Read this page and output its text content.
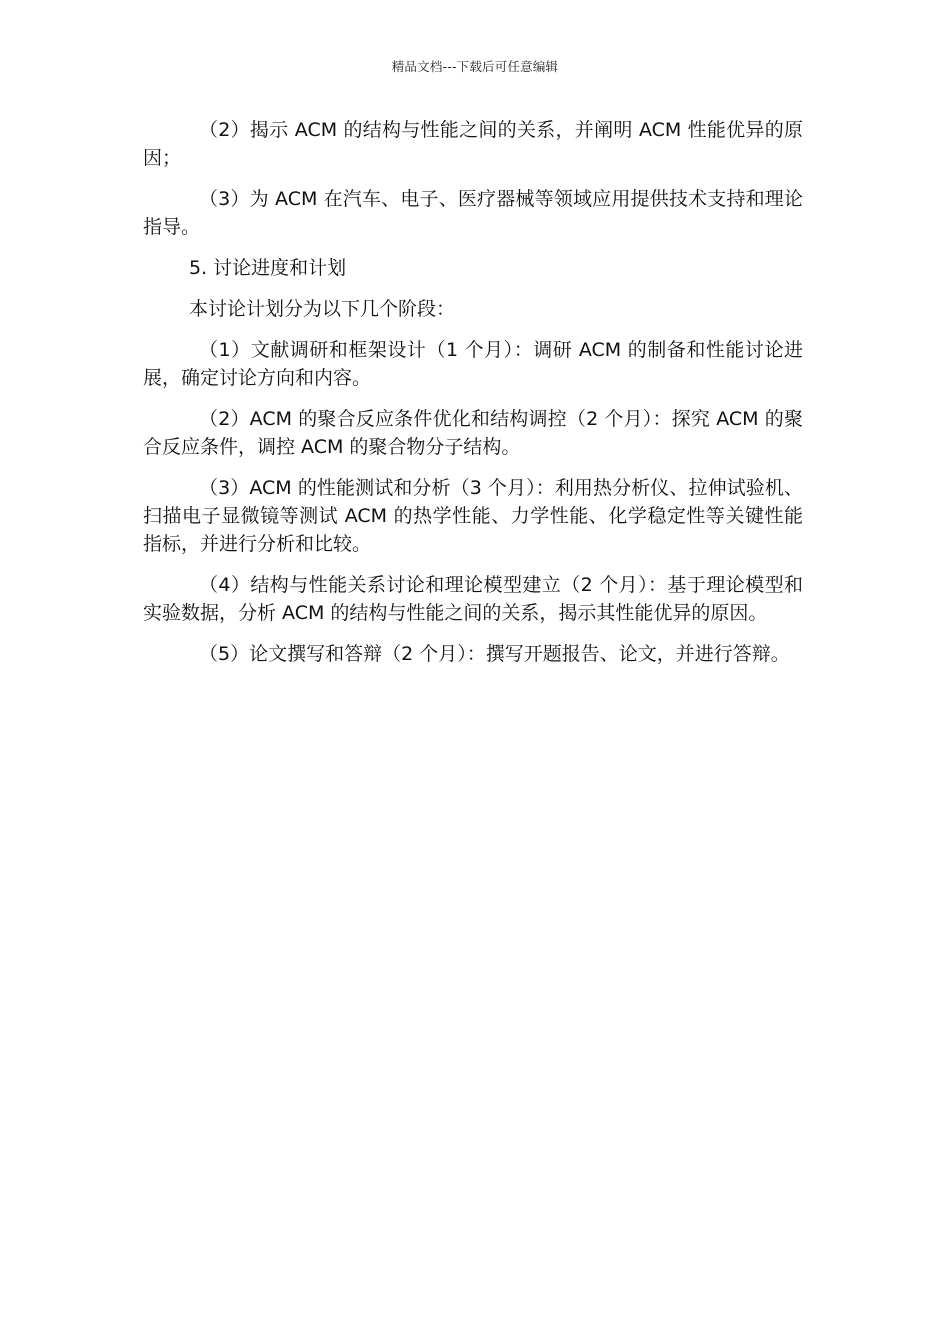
精品文档---下载后可任意编辑

（2）揭示 ACM 的结构与性能之间的关系，并阐明 ACM 性能优异的原因；

（3）为 ACM 在汽车、电子、医疗器械等领域应用提供技术支持和理论指导。

5. 讨论进度和计划

本讨论计划分为以下几个阶段：

（1）文献调研和框架设计（1 个月）：调研 ACM 的制备和性能讨论进展，确定讨论方向和内容。

（2）ACM 的聚合反应条件优化和结构调控（2 个月）：探究 ACM 的聚合反应条件，调控 ACM 的聚合物分子结构。

（3）ACM 的性能测试和分析（3 个月）：利用热分析仪、拉伸试验机、扫描电子显微镜等测试 ACM 的热学性能、力学性能、化学稳定性等关键性能指标，并进行分析和比较。

（4）结构与性能关系讨论和理论模型建立（2 个月）：基于理论模型和实验数据，分析 ACM 的结构与性能之间的关系，揭示其性能优异的原因。

（5）论文撰写和答辩（2 个月）：撰写开题报告、论文，并进行答辩。
